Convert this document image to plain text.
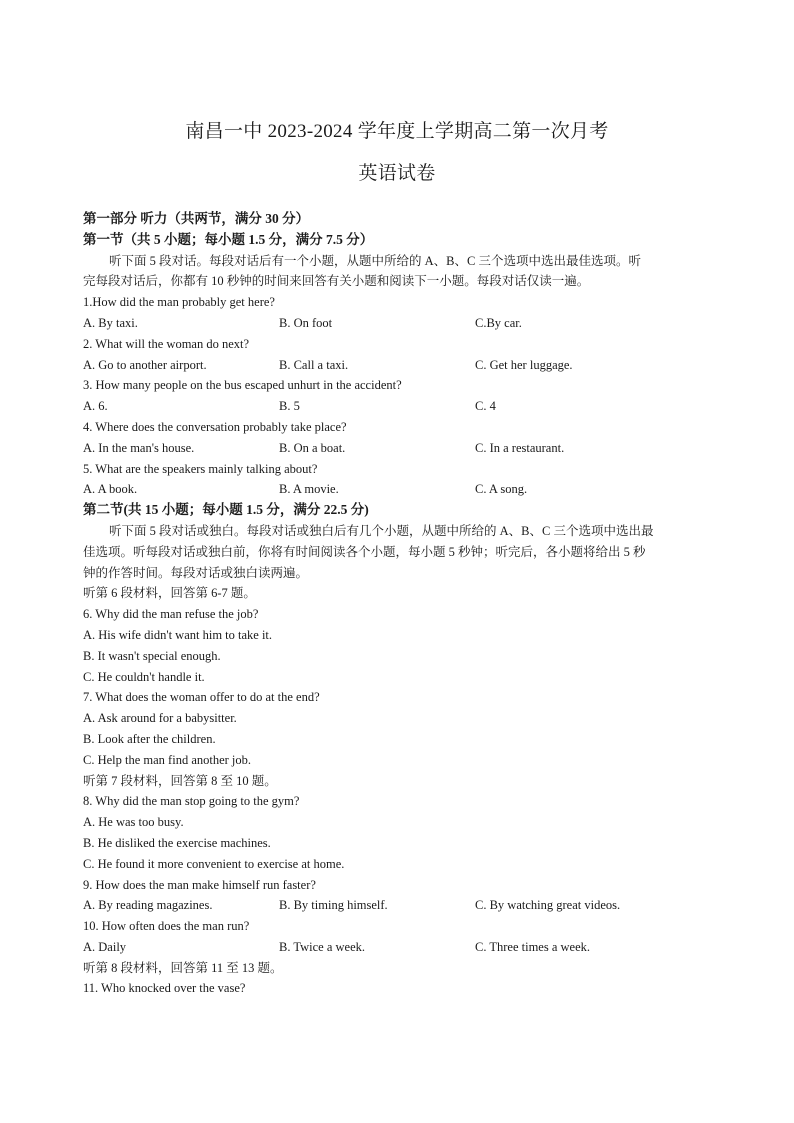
南昌一中 2023-2024 学年度上学期高二第一次月考
英语试卷
第一部分 听力（共两节，满分 30 分）
第一节（共 5 小题；每小题 1.5 分，满分 7.5 分）
听下面 5 段对话。每段对话后有一个小题，从题中所给的 A、B、C 三个选项中选出最佳选项。听
完每段对话后，你都有 10 秒钟的时间来回答有关小题和阅读下一小题。每段对话仅读一遍。
1.How did the man probably get here?
A. By taxi.	B. On foot	C.By car.
2. What will the woman do next?
A. Go to another airport.	B. Call a taxi.	C. Get her luggage.
3. How many people on the bus escaped unhurt in the accident?
A. 6.	B. 5	C. 4
4. Where does the conversation probably take place?
A. In the man's house.	B. On a boat.	C. In a restaurant.
5. What are the speakers mainly talking about?
A. A book.	B. A movie.	C. A song.
第二节(共 15 小题；每小题 1.5 分，满分 22.5 分)
听下面 5 段对话或独白。每段对话或独白后有几个小题，从题中所给的 A、B、C 三个选项中选出最
佳选项。听每段对话或独白前，你将有时间阅读各个小题，每小题 5 秒钟；听完后，各小题将给出 5 秒
钟的作答时间。每段对话或独白读两遍。
听第 6 段材料，回答第 6-7 题。
6. Why did the man refuse the job?
A. His wife didn't want him to take it.
B. It wasn't special enough.
C. He couldn't handle it.
7. What does the woman offer to do at the end?
A. Ask around for a babysitter.
B. Look after the children.
C. Help the man find another job.
听第 7 段材料，回答第 8 至 10 题。
8. Why did the man stop going to the gym?
A. He was too busy.
B. He disliked the exercise machines.
C. He found it more convenient to exercise at home.
9. How does the man make himself run faster?
A. By reading magazines.	B. By timing himself.	C. By watching great videos.
10. How often does the man run?
A. Daily	B. Twice a week.	C. Three times a week.
听第 8 段材料，回答第 11 至 13 题。
11. Who knocked over the vase?
